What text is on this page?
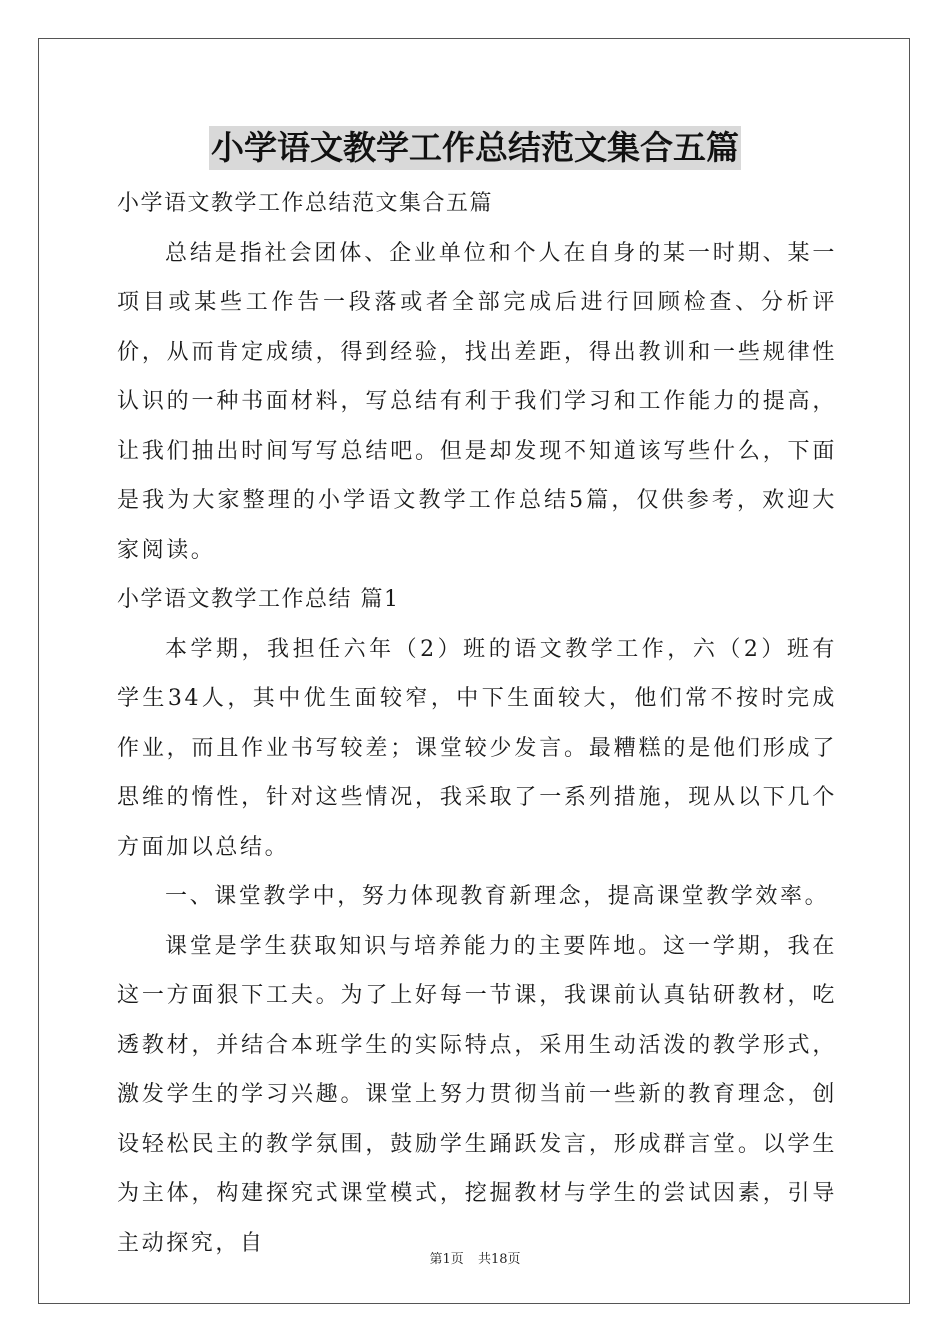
小学语文教学工作总结范文集合五篇

小学语文教学工作总结范文集合五篇

总结是指社会团体、企业单位和个人在自身的某一时期、某一项目或某些工作告一段落或者全部完成后进行回顾检查、分析评价，从而肯定成绩，得到经验，找出差距，得出教训和一些规律性认识的一种书面材料，写总结有利于我们学习和工作能力的提高，让我们抽出时间写写总结吧。但是却发现不知道该写些什么，下面是我为大家整理的小学语文教学工作总结5篇，仅供参考，欢迎大家阅读。

小学语文教学工作总结 篇1

本学期，我担任六年（2）班的语文教学工作，六（2）班有学生34人，其中优生面较窄，中下生面较大，他们常不按时完成作业，而且作业书写较差；课堂较少发言。最糟糕的是他们形成了思维的惰性，针对这些情况，我采取了一系列措施，现从以下几个方面加以总结。

一、课堂教学中，努力体现教育新理念，提高课堂教学效率。

课堂是学生获取知识与培养能力的主要阵地。这一学期，我在这一方面狠下工夫。为了上好每一节课，我课前认真钻研教材，吃透教材，并结合本班学生的实际特点，采用生动活泼的教学形式，激发学生的学习兴趣。课堂上努力贯彻当前一些新的教育理念，创设轻松民主的教学氛围，鼓励学生踊跃发言，形成群言堂。以学生为主体，构建探究式课堂模式，挖掘教材与学生的尝试因素，引导主动探究，自

第1页 共18页
